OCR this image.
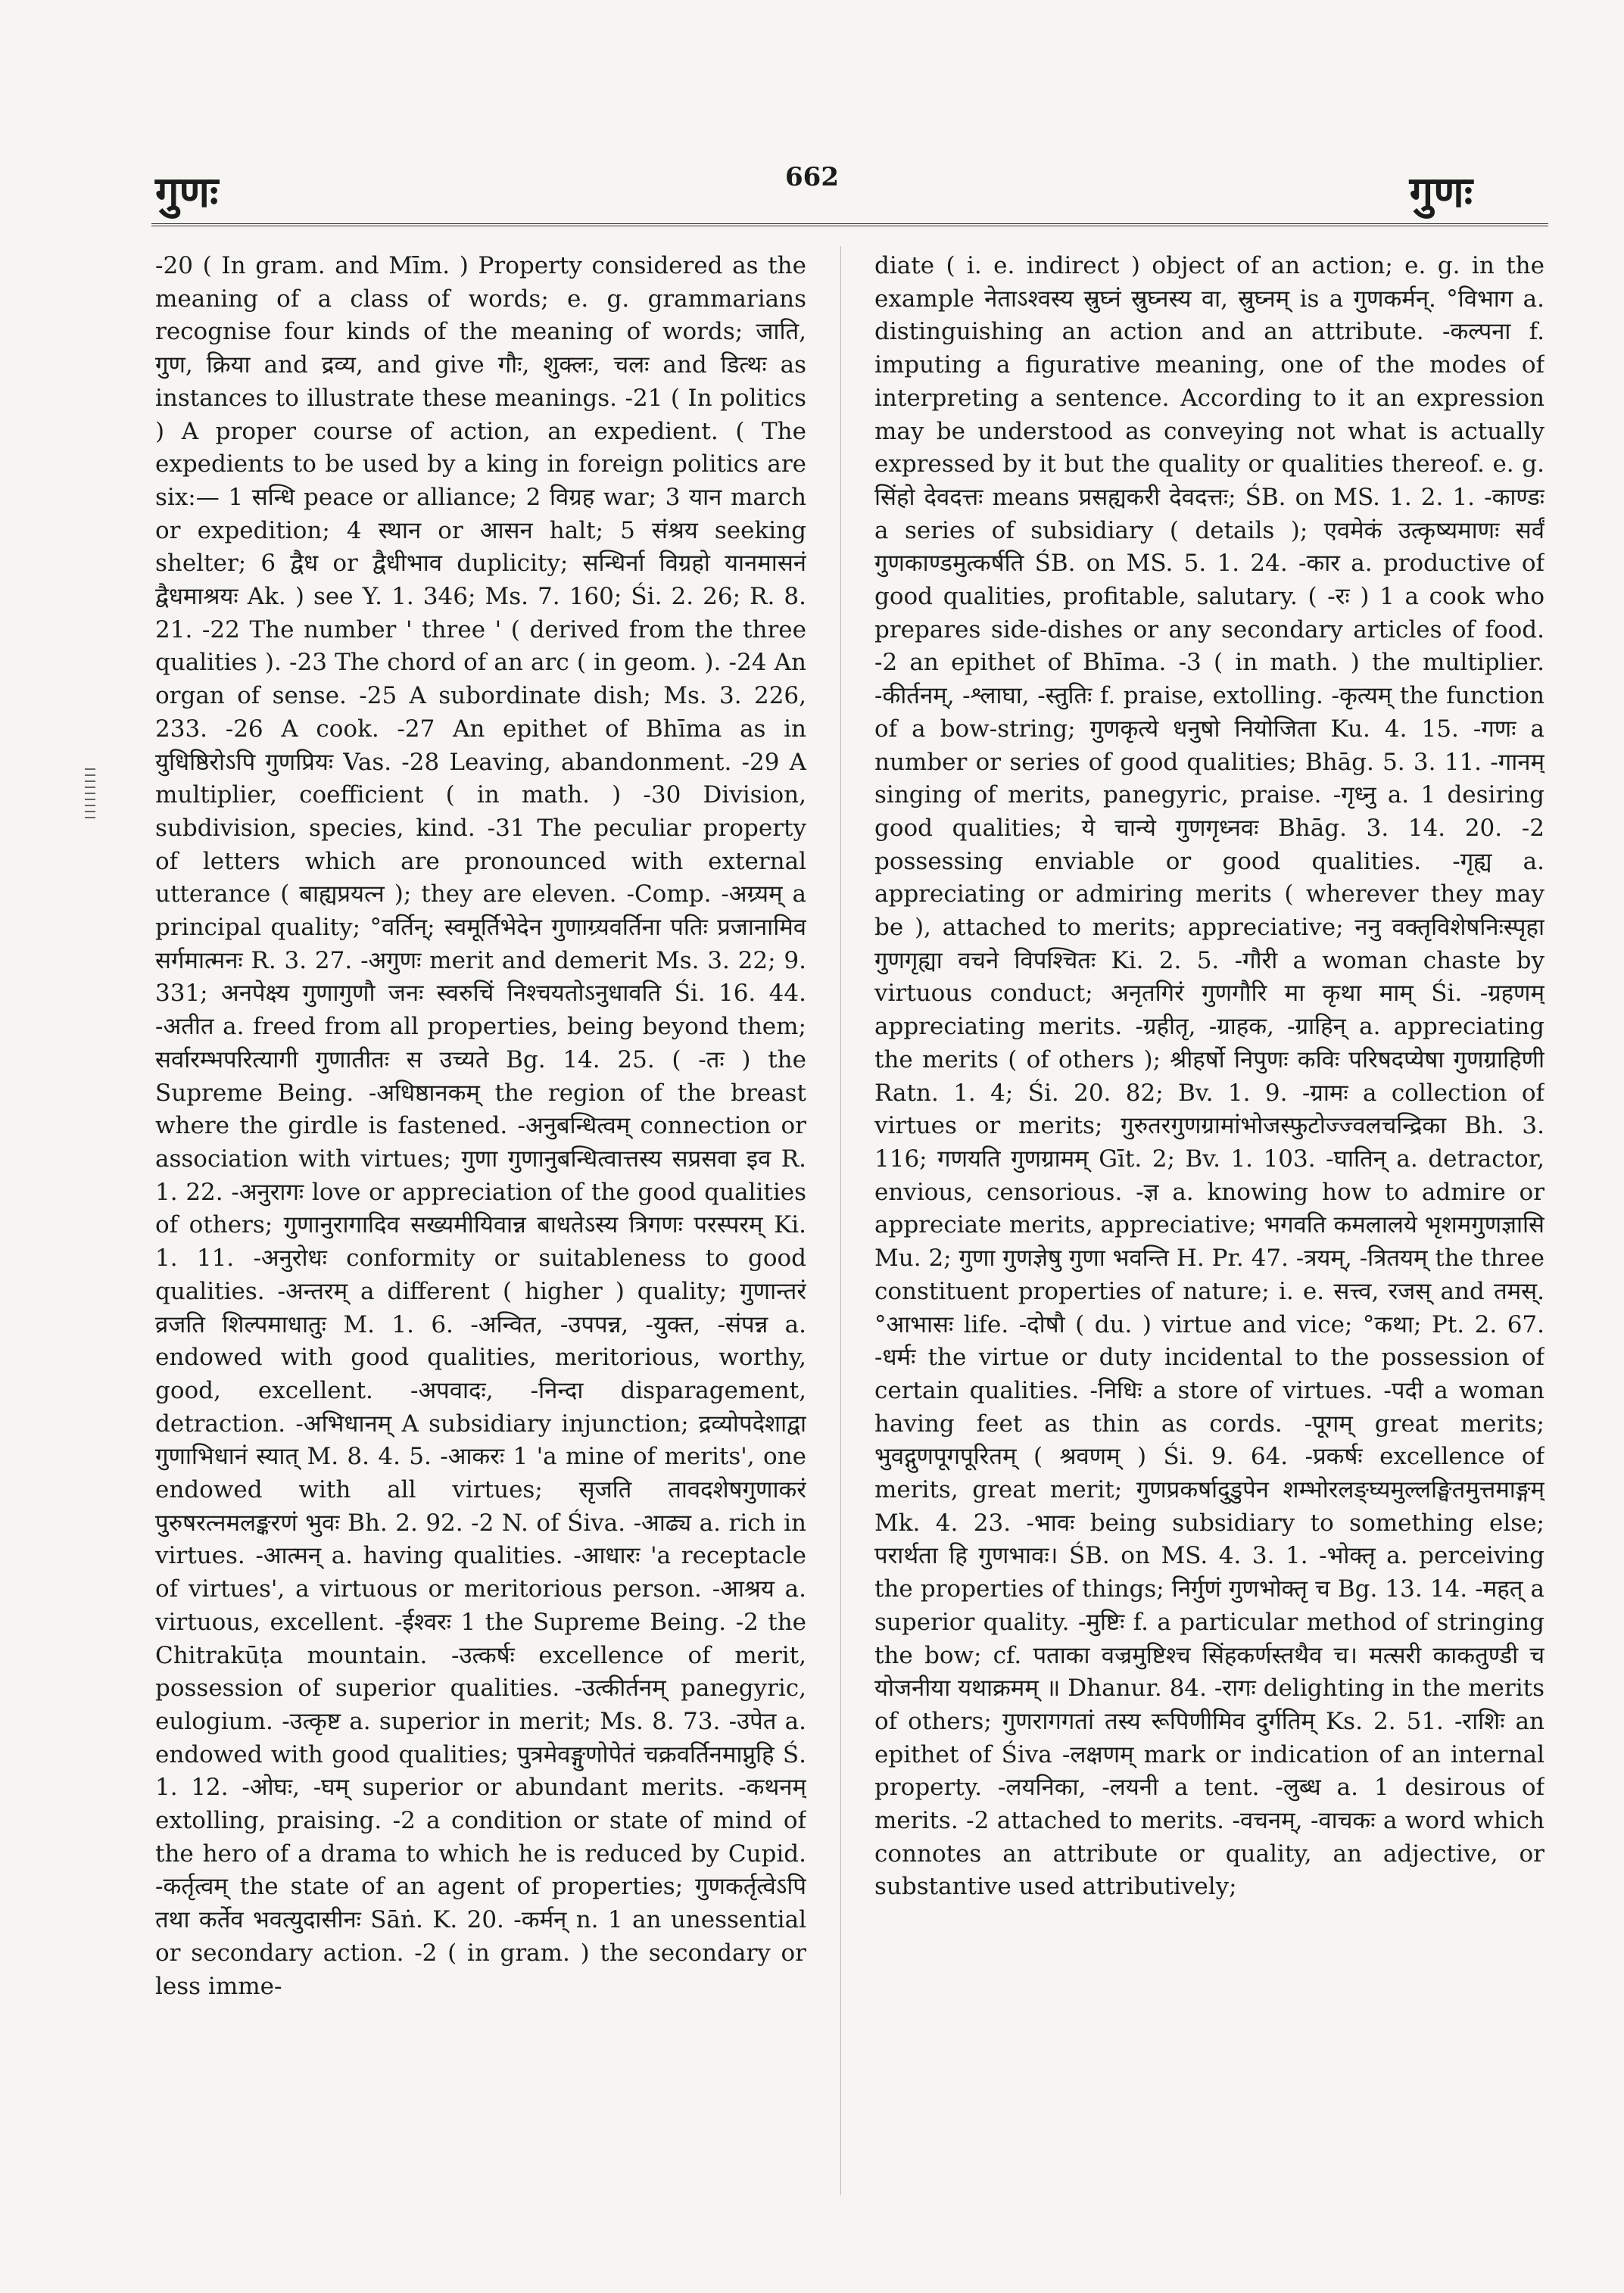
गुणः	662	गुणः
-20 ( In gram. and Mīm. ) Property considered as the meaning of a class of words; e. g. grammarians recognise four kinds of the meaning of words; जाति, गुण, क्रिया and द्रव्य, and give गौः, शुक्लः, चलः and डित्थः as instances to illustrate these meanings. -21 ( In politics ) A proper course of action, an expedient. ( The expedients to be used by a king in foreign politics are six:— 1 सन्धि peace or alliance; 2 विग्रह war; 3 यान march or expedition; 4 स्थान or आसन halt; 5 संश्रय seeking shelter; 6 द्वैध or द्वैधीभाव duplicity; सन्धिर्ना विग्रहो यानमासनं द्वैधमाश्रयः Ak. ) see Y. 1. 346; Ms. 7. 160; Śi. 2. 26; R. 8. 21. -22 The number ' three ' ( derived from the three qualities ). -23 The chord of an arc ( in geom. ). -24 An organ of sense. -25 A subordinate dish; Ms. 3. 226, 233. -26 A cook. -27 An epithet of Bhīma as in युधिष्ठिरोऽपि गुणप्रियः Vas. -28 Leaving, abandonment. -29 A multiplier, coefficient ( in math. ) -30 Division, subdivision, species, kind. -31 The peculiar property of letters which are pronounced with external utterance ( बाह्यप्रयत्न ); they are eleven. -Comp. -अग्र्यम् a principal quality; °वर्तिन्; स्वमूर्तिभेदेन गुणाग्र्यवर्तिना पतिः प्रजानामिव सर्गमात्मनः R. 3. 27. -अगुणः merit and demerit Ms. 3. 22; 9. 331; अनपेक्ष्य गुणागुणौ जनः स्वरुचिं निश्चयतोऽनुधावति Śi. 16. 44. -अतीत a. freed from all properties, being beyond them; सर्वारम्भपरित्यागी गुणातीतः स उच्यते Bg. 14. 25. ( -तः ) the Supreme Being. -अधिष्ठानकम् the region of the breast where the girdle is fastened. -अनुबन्धित्वम् connection or association with virtues; गुणा गुणानुबन्धित्वात्तस्य सप्रसवा इव R. 1. 22. -अनुरागः love or appreciation of the good qualities of others; गुणानुरागादिव सख्यमीयिवान्न बाधतेऽस्य त्रिगणः परस्परम् Ki. 1. 11. -अनुरोधः conformity or suitableness to good qualities. -अन्तरम् a different ( higher ) quality; गुणान्तरं व्रजति शिल्पमाधातुः M. 1. 6. -अन्वित, -उपपन्न, -युक्त, -संपन्न a. endowed with good qualities, meritorious, worthy, good, excellent. -अपवादः, -निन्दा disparagement, detraction. -अभिधानम् A subsidiary injunction; द्रव्योपदेशाद्वा गुणाभिधानं स्यात् M. 8. 4. 5. -आकरः 1 'a mine of merits', one endowed with all virtues; सृजति तावदशेषगुणाकरं पुरुषरत्नमलङ्करणं भुवः Bh. 2. 92. -2 N. of Śiva. -आढ्य a. rich in virtues. -आत्मन् a. having qualities. -आधारः 'a receptacle of virtues', a virtuous or meritorious person. -आश्रय a. virtuous, excellent. -ईश्वरः 1 the Supreme Being. -2 the Chitrakūṭa mountain. -उत्कर्षः excellence of merit, possession of superior qualities. -उत्कीर्तनम् panegyric, eulogium. -उत्कृष्ट a. superior in merit; Ms. 8. 73. -उपेत a. endowed with good qualities; पुत्रमेवङ्गुणोपेतं चक्रवर्तिनमाप्नुहि Ś. 1. 12. -ओघः, -घम् superior or abundant merits. -कथनम् extolling, praising. -2 a condition or state of mind of the hero of a drama to which he is reduced by Cupid. -कर्तृत्वम् the state of an agent of properties; गुणकर्तृत्वेऽपि तथा कर्तेव भवत्युदासीनः Sāṅ. K. 20. -कर्मन् n. 1 an unessential or secondary action. -2 ( in gram. ) the secondary or less imme-
diate ( i. e. indirect ) object of an action; e. g. in the example नेताऽश्वस्य स्रुघ्नं स्रुघ्नस्य वा, स्रुघ्नम् is a गुणकर्मन्. °विभाग a. distinguishing an action and an attribute. -कल्पना f. imputing a figurative meaning, one of the modes of interpreting a sentence. According to it an expression may be understood as conveying not what is actually expressed by it but the quality or qualities thereof. e. g. सिंहो देवदत्तः means प्रसह्यकरी देवदत्तः; ŚB. on MS. 1. 2. 1. -काण्डः a series of subsidiary ( details ); एवमेकं उत्कृष्यमाणः सर्वं गुणकाण्डमुत्कर्षति ŚB. on MS. 5. 1. 24. -कार a. productive of good qualities, profitable, salutary. ( -रः ) 1 a cook who prepares side-dishes or any secondary articles of food. -2 an epithet of Bhīma. -3 ( in math. ) the multiplier. -कीर्तनम्, -श्लाघा, -स्तुतिः f. praise, extolling. -कृत्यम् the function of a bow-string; गुणकृत्ये धनुषो नियोजिता Ku. 4. 15. -गणः a number or series of good qualities; Bhāg. 5. 3. 11. -गानम् singing of merits, panegyric, praise. -गृध्नु a. 1 desiring good qualities; ये चान्ये गुणगृध्नवः Bhāg. 3. 14. 20. -2 possessing enviable or good qualities. -गृह्य a. appreciating or admiring merits ( wherever they may be ), attached to merits; appreciative; ननु वक्तृविशेषनिःस्पृहा गुणगृह्या वचने विपश्चितः Ki. 2. 5. -गौरी a woman chaste by virtuous conduct; अनृतगिरं गुणगौरि मा कृथा माम् Śi. -ग्रहणम् appreciating merits. -ग्रहीतृ, -ग्राहक, -ग्राहिन् a. appreciating the merits ( of others ); श्रीहर्षो निपुणः कविः परिषदप्येषा गुणग्राहिणी Ratn. 1. 4; Śi. 20. 82; Bv. 1. 9. -ग्रामः a collection of virtues or merits; गुरुतरगुणग्रामांभोजस्फुटोज्ज्वलचन्द्रिका Bh. 3. 116; गणयति गुणग्रामम् Gīt. 2; Bv. 1. 103. -घातिन् a. detractor, envious, censorious. -ज्ञ a. knowing how to admire or appreciate merits, appreciative; भगवति कमलालये भृशमगुणज्ञासि Mu. 2; गुणा गुणज्ञेषु गुणा भवन्ति H. Pr. 47. -त्रयम्, -त्रितयम् the three constituent properties of nature; i. e. सत्त्व, रजस् and तमस्. °आभासः life. -दोषौ ( du. ) virtue and vice; °कथा; Pt. 2. 67. -धर्मः the virtue or duty incidental to the possession of certain qualities. -निधिः a store of virtues. -पदी a woman having feet as thin as cords. -पूगम् great merits; भुवद्गुणपूगपूरितम् ( श्रवणम् ) Śi. 9. 64. -प्रकर्षः excellence of merits, great merit; गुणप्रकर्षादुडुपेन शम्भोरलङ्घ्यमुल्लङ्घितमुत्तमाङ्गम् Mk. 4. 23. -भावः being subsidiary to something else; परार्थता हि गुणभावः। ŚB. on MS. 4. 3. 1. -भोक्तृ a. perceiving the properties of things; निर्गुणं गुणभोक्तृ च Bg. 13. 14. -महत् a superior quality. -मुष्टिः f. a particular method of stringing the bow; cf. पताका वज्रमुष्टिश्च सिंहकर्णस्तथैव च। मत्सरी काकतुण्डी च योजनीया यथाक्रमम् ॥ Dhanur. 84. -रागः delighting in the merits of others; गुणरागगतां तस्य रूपिणीमिव दुर्गतिम् Ks. 2. 51. -राशिः an epithet of Śiva -लक्षणम् mark or indication of an internal property. -लयनिका, -लयनी a tent. -लुब्ध a. 1 desirous of merits. -2 attached to merits. -वचनम्, -वाचकः a word which connotes an attribute or quality, an adjective, or substantive used attributively;
